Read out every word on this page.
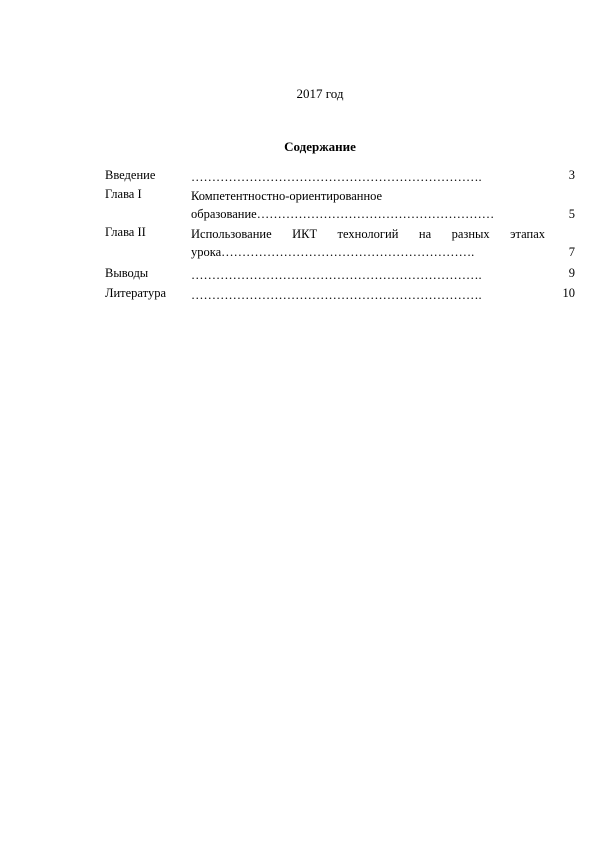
2017 год
Содержание
Введение	…………………………………………………………….	3
Глава I	Компетентностно-ориентированное
образование…………………………………………………	5
Глава II	Использование ИКТ технологий на разных этапах
урока…………………………………………………….	7
Выводы	…………………………………………………………….	9
Литература …………………………………………………………….	10
